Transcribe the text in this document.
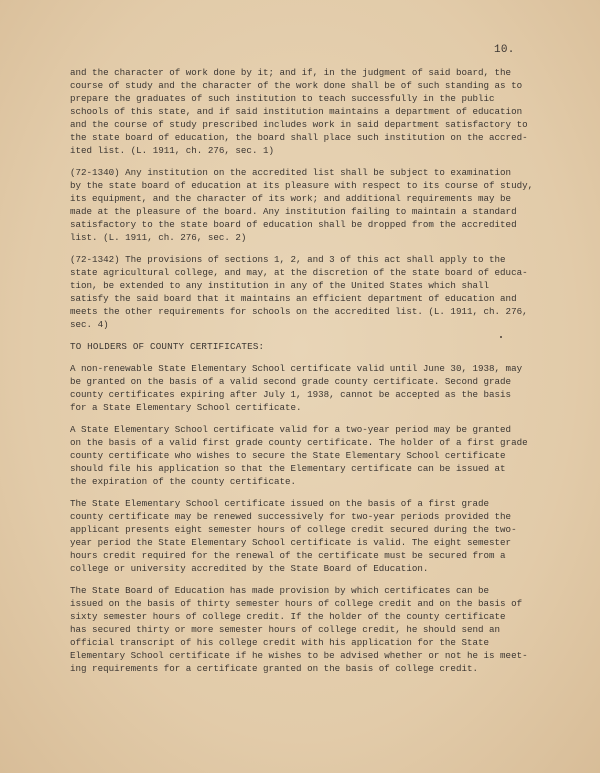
10.

and the character of work done by it; and if, in the judgment of said board, the
course of study and the character of the work done shall be of such standing as to
prepare the graduates of such institution to teach successfully in the public
schools of this state, and if said institution maintains a department of education
and the course of study prescribed includes work in said department satisfactory to
the state board of education, the board shall place such institution on the accred-
ited list. (L. 1911, ch. 276, sec. 1)

(72-1340) Any institution on the accredited list shall be subject to examination
by the state board of education at its pleasure with respect to its course of study,
its equipment, and the character of its work; and additional requirements may be
made at the pleasure of the board. Any institution failing to maintain a standard
satisfactory to the state board of education shall be dropped from the accredited
list. (L. 1911, ch. 276, sec. 2)

(72-1342) The provisions of sections 1, 2, and 3 of this act shall apply to the
state agricultural college, and may, at the discretion of the state board of educa-
tion, be extended to any institution in any of the United States which shall
satisfy the said board that it maintains an efficient department of education and
meets the other requirements for schools on the accredited list. (L. 1911, ch. 276,
sec. 4)

TO HOLDERS OF COUNTY CERTIFICATES:

A non-renewable State Elementary School certificate valid until June 30, 1938, may
be granted on the basis of a valid second grade county certificate. Second grade
county certificates expiring after July 1, 1938, cannot be accepted as the basis
for a State Elementary School certificate.

A State Elementary School certificate valid for a two-year period may be granted
on the basis of a valid first grade county certificate. The holder of a first grade
county certificate who wishes to secure the State Elementary School certificate
should file his application so that the Elementary certificate can be issued at
the expiration of the county certificate.

The State Elementary School certificate issued on the basis of a first grade
county certificate may be renewed successively for two-year periods provided the
applicant presents eight semester hours of college credit secured during the two-
year period the State Elementary School certificate is valid. The eight semester
hours credit required for the renewal of the certificate must be secured from a
college or university accredited by the State Board of Education.

The State Board of Education has made provision by which certificates can be
issued on the basis of thirty semester hours of college credit and on the basis of
sixty semester hours of college credit. If the holder of the county certificate
has secured thirty or more semester hours of college credit, he should send an
official transcript of his college credit with his application for the State
Elementary School certificate if he wishes to be advised whether or not he is meet-
ing requirements for a certificate granted on the basis of college credit.
